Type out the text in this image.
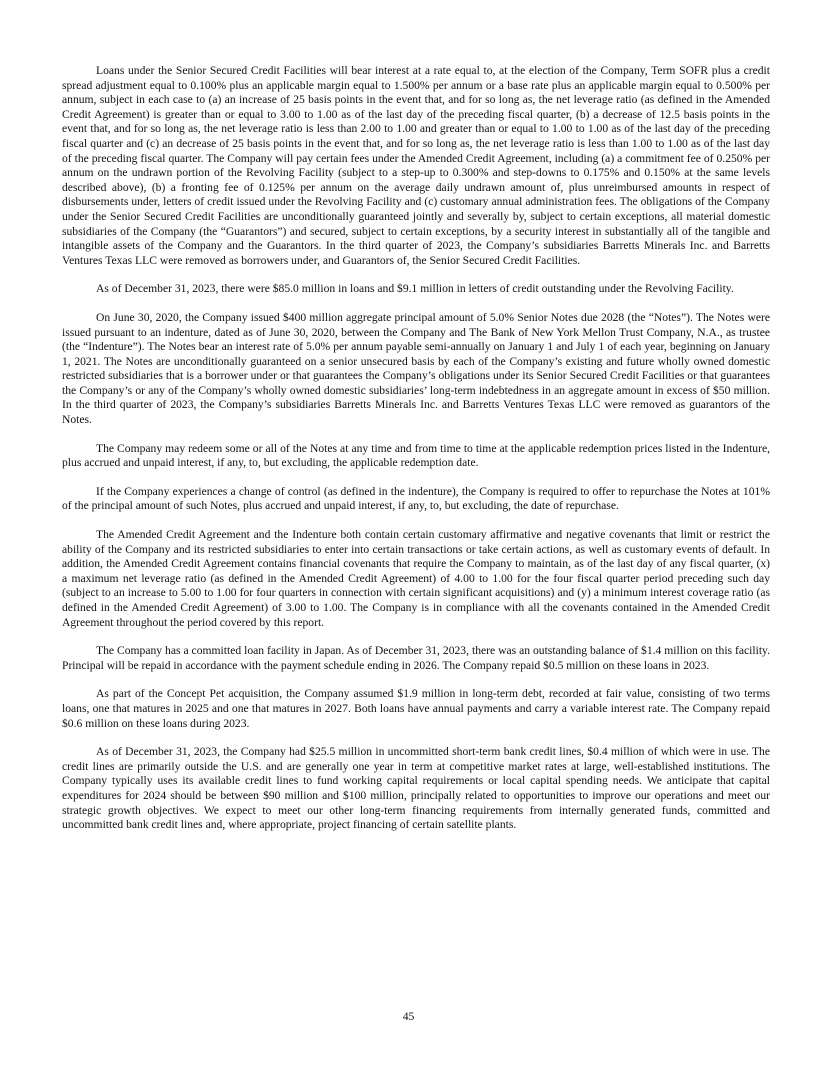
Loans under the Senior Secured Credit Facilities will bear interest at a rate equal to, at the election of the Company, Term SOFR plus a credit spread adjustment equal to 0.100% plus an applicable margin equal to 1.500% per annum or a base rate plus an applicable margin equal to 0.500% per annum, subject in each case to (a) an increase of 25 basis points in the event that, and for so long as, the net leverage ratio (as defined in the Amended Credit Agreement) is greater than or equal to 3.00 to 1.00 as of the last day of the preceding fiscal quarter, (b) a decrease of 12.5 basis points in the event that, and for so long as, the net leverage ratio is less than 2.00 to 1.00 and greater than or equal to 1.00 to 1.00 as of the last day of the preceding fiscal quarter and (c) an decrease of 25 basis points in the event that, and for so long as, the net leverage ratio is less than 1.00 to 1.00 as of the last day of the preceding fiscal quarter. The Company will pay certain fees under the Amended Credit Agreement, including (a) a commitment fee of 0.250% per annum on the undrawn portion of the Revolving Facility (subject to a step-up to 0.300% and step-downs to 0.175% and 0.150% at the same levels described above), (b) a fronting fee of 0.125% per annum on the average daily undrawn amount of, plus unreimbursed amounts in respect of disbursements under, letters of credit issued under the Revolving Facility and (c) customary annual administration fees. The obligations of the Company under the Senior Secured Credit Facilities are unconditionally guaranteed jointly and severally by, subject to certain exceptions, all material domestic subsidiaries of the Company (the “Guarantors”) and secured, subject to certain exceptions, by a security interest in substantially all of the tangible and intangible assets of the Company and the Guarantors. In the third quarter of 2023, the Company’s subsidiaries Barretts Minerals Inc. and Barretts Ventures Texas LLC were removed as borrowers under, and Guarantors of, the Senior Secured Credit Facilities.

As of December 31, 2023, there were $85.0 million in loans and $9.1 million in letters of credit outstanding under the Revolving Facility.

On June 30, 2020, the Company issued $400 million aggregate principal amount of 5.0% Senior Notes due 2028 (the “Notes”). The Notes were issued pursuant to an indenture, dated as of June 30, 2020, between the Company and The Bank of New York Mellon Trust Company, N.A., as trustee (the “Indenture”). The Notes bear an interest rate of 5.0% per annum payable semi-annually on January 1 and July 1 of each year, beginning on January 1, 2021. The Notes are unconditionally guaranteed on a senior unsecured basis by each of the Company’s existing and future wholly owned domestic restricted subsidiaries that is a borrower under or that guarantees the Company’s obligations under its Senior Secured Credit Facilities or that guarantees the Company’s or any of the Company’s wholly owned domestic subsidiaries’ long-term indebtedness in an aggregate amount in excess of $50 million. In the third quarter of 2023, the Company’s subsidiaries Barretts Minerals Inc. and Barretts Ventures Texas LLC were removed as guarantors of the Notes.

The Company may redeem some or all of the Notes at any time and from time to time at the applicable redemption prices listed in the Indenture, plus accrued and unpaid interest, if any, to, but excluding, the applicable redemption date.

If the Company experiences a change of control (as defined in the indenture), the Company is required to offer to repurchase the Notes at 101% of the principal amount of such Notes, plus accrued and unpaid interest, if any, to, but excluding, the date of repurchase.

The Amended Credit Agreement and the Indenture both contain certain customary affirmative and negative covenants that limit or restrict the ability of the Company and its restricted subsidiaries to enter into certain transactions or take certain actions, as well as customary events of default. In addition, the Amended Credit Agreement contains financial covenants that require the Company to maintain, as of the last day of any fiscal quarter, (x) a maximum net leverage ratio (as defined in the Amended Credit Agreement) of 4.00 to 1.00 for the four fiscal quarter period preceding such day (subject to an increase to 5.00 to 1.00 for four quarters in connection with certain significant acquisitions) and (y) a minimum interest coverage ratio (as defined in the Amended Credit Agreement) of 3.00 to 1.00. The Company is in compliance with all the covenants contained in the Amended Credit Agreement throughout the period covered by this report.

The Company has a committed loan facility in Japan. As of December 31, 2023, there was an outstanding balance of $1.4 million on this facility. Principal will be repaid in accordance with the payment schedule ending in 2026. The Company repaid $0.5 million on these loans in 2023.

As part of the Concept Pet acquisition, the Company assumed $1.9 million in long-term debt, recorded at fair value, consisting of two terms loans, one that matures in 2025 and one that matures in 2027. Both loans have annual payments and carry a variable interest rate. The Company repaid $0.6 million on these loans during 2023.

As of December 31, 2023, the Company had $25.5 million in uncommitted short-term bank credit lines, $0.4 million of which were in use. The credit lines are primarily outside the U.S. and are generally one year in term at competitive market rates at large, well-established institutions. The Company typically uses its available credit lines to fund working capital requirements or local capital spending needs. We anticipate that capital expenditures for 2024 should be between $90 million and $100 million, principally related to opportunities to improve our operations and meet our strategic growth objectives. We expect to meet our other long-term financing requirements from internally generated funds, committed and uncommitted bank credit lines and, where appropriate, project financing of certain satellite plants.

45
